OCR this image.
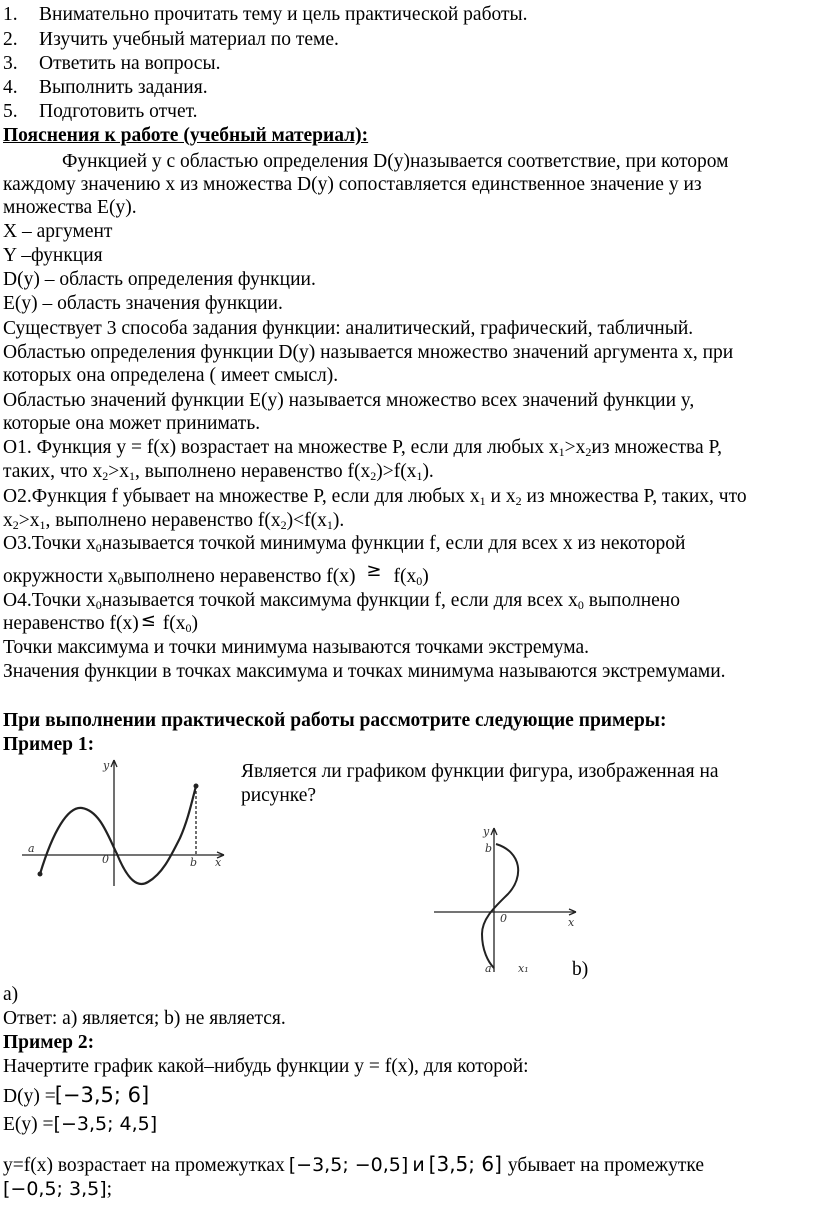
1. Внимательно прочитать тему и цель практической работы.
2. Изучить учебный материал по теме.
3. Ответить на вопросы.
4. Выполнить задания.
5. Подготовить отчет.
Пояснения к работе (учебный материал):
Функцией y с областью определения D(y)называется соответствие, при котором
каждому значению x из множества D(y) сопоставляется единственное значение y из
множества E(y).
X – аргумент
Y –функция
D(y) – область определения функции.
E(y) – область значения функции.
Существует 3 способа задания функции: аналитический, графический, табличный.
Областью определения функции D(y) называется множество значений аргумента x, при
которых она определена ( имеет смысл).
Областью значений функции E(y) называется множество всех значений функции y,
которые она может принимать.
О1. Функция y = f(x) возрастает на множестве P, если для любых $x_1>x_2из$ множества P,
таких, что $x_2>x_1$, выполнено неравенство $f(x_2)>f(x_1)$.
О2.Функция f убывает на множестве P, если для любых $x_1$ и $x_2$ из множества P, таких, что
$x_2>x_1$, выполнено неравенство $f(x_2)<f(x_1)$.
О3.Точки $x_0называется$ точкой минимума функции f, если для всех x из некоторой
окружности $x_0выполнено$ неравенство $f(x) \ge f(x_0)$
О4.Точки $x_0называется$ точкой максимума функции f, если для всех $x_0$ выполнено
неравенство $f(x) \le f(x_0)$
Точки максимума и точки минимума называются точками экстремума.
Значения функции в точках максимума и точках минимума называются экстремумами.
При выполнении практической работы рассмотрите следующие примеры:
Пример 1:
y
a
0	b x
Является ли графиком функции фигура, изображенная на
рисунке?
y
b
0	x
a x₁ b)
a)
Ответ: а) является; b) не является.
Пример 2:
Начертите график какой–нибудь функции y = f(x), для которой:
D(y) =[−3,5; 6]
E(y) =[−3,5; 4,5]
y=f(x) возрастает на промежутках[−3,5; −0,5] и [3,5; 6]убывает на промежутке
[−0,5; 3,5];
